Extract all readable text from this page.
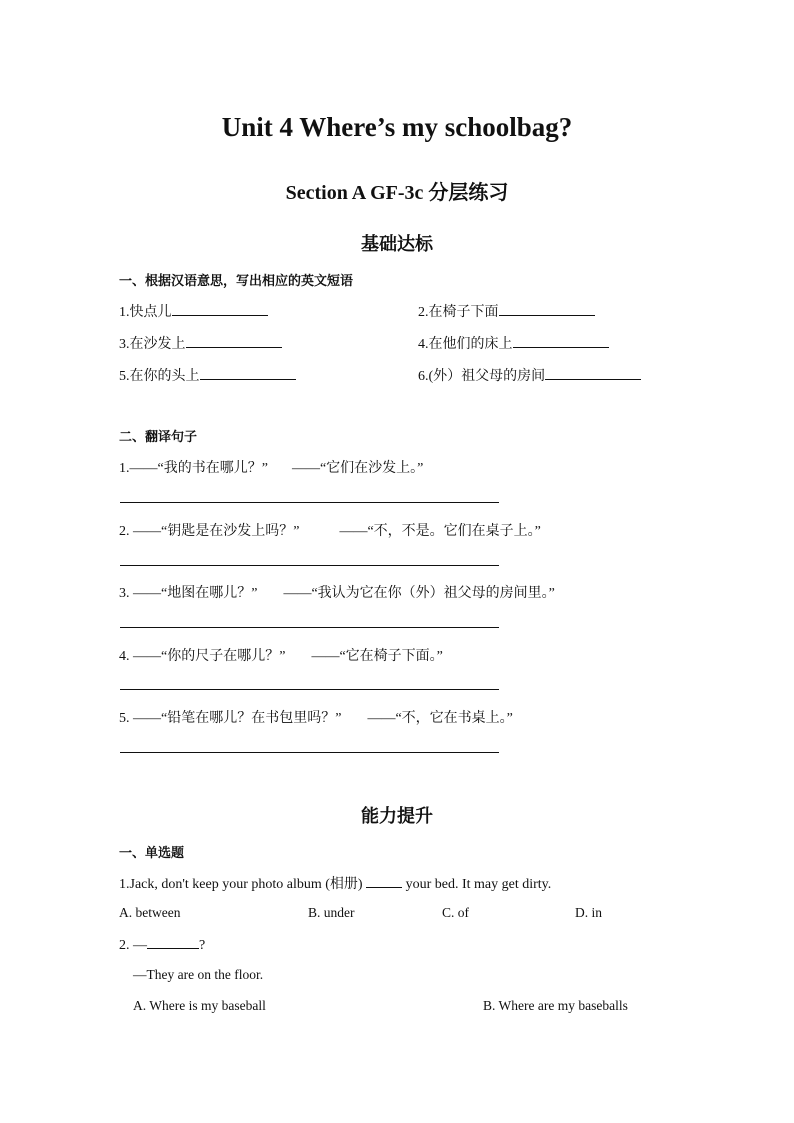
Unit 4 Where’s my schoolbag?
Section A GF-3c 分层练习
基础达标
一、根据汉语意思，写出相应的英文短语
1.快点儿	2.在椅子下面
3.在沙发上	4.在他们的床上
5.在你的头上	6.(外）祖父母的房间
二、翻译句子
1.——“我的书在哪儿？” ——“它们在沙发上。”
2. ——“钥匙是在沙发上吗？”	——“不，不是。它们在桌子上。”
3. ——“地图在哪儿？” ——“我认为它在你（外）祖父母的房间里。”
4. ——“你的尺子在哪儿？” ——“它在椅子下面。”
5. ——“铅笔在哪儿？在书包里吗？” ——“不，它在书桌上。”
能力提升
一、单选题
1.Jack, don't keep your photo album (相册)	your bed. It may get dirty.
A. between	B. under	C. of	D. in
2. —	?
—They are on the floor.
A. Where is my baseball	B. Where are my baseballs
